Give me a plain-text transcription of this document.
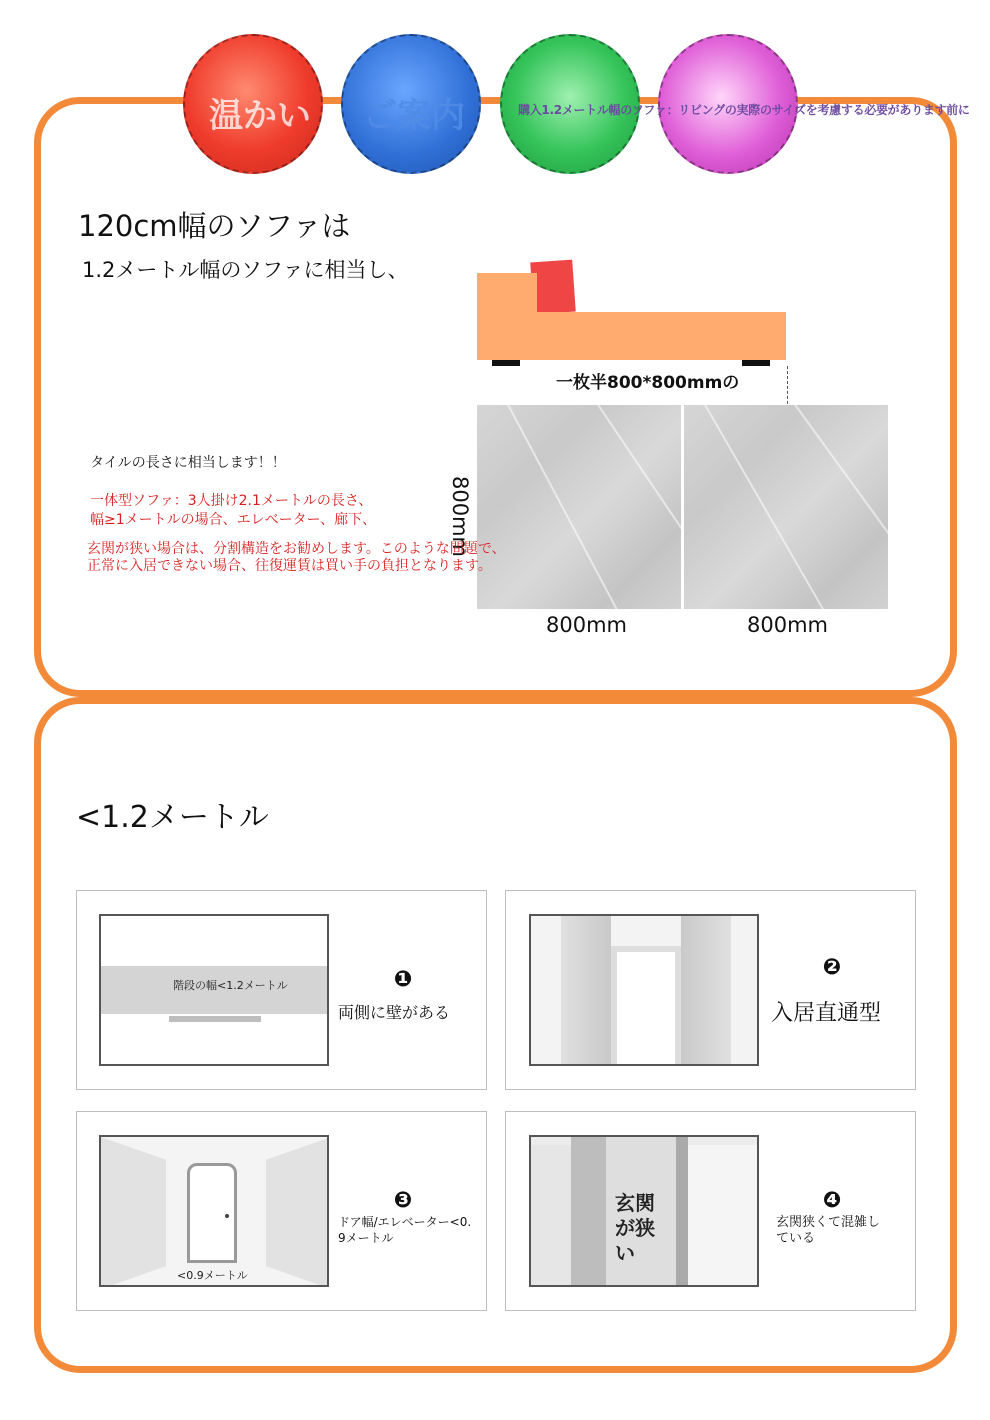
温かい ご案内	購入1.2メートル幅のソファ：リビングの実際のサイズを考慮する必要があります前に
120cm幅のソファは
1.2メートル幅のソファに相当し、
一枚半800*800mmの
800mm
800mm	800mm
タイルの長さに相当します！！
一体型ソファ：3人掛け2.1メートルの長さ、
幅≥1メートルの場合、エレベーター、廊下、
玄関が狭い場合は、分割構造をお勧めします。このような問題で、
正常に入居できない場合、往復運賃は買い手の負担となります。
<1.2メートル
階段の幅<1.2メートル	❶
両側に壁がある
❷
入居直通型
<0.9メートル
❸
ドア幅/エレベーター<0.
9メートル
玄関
が狭
い
❹
玄関狭くて混雑し
ている
